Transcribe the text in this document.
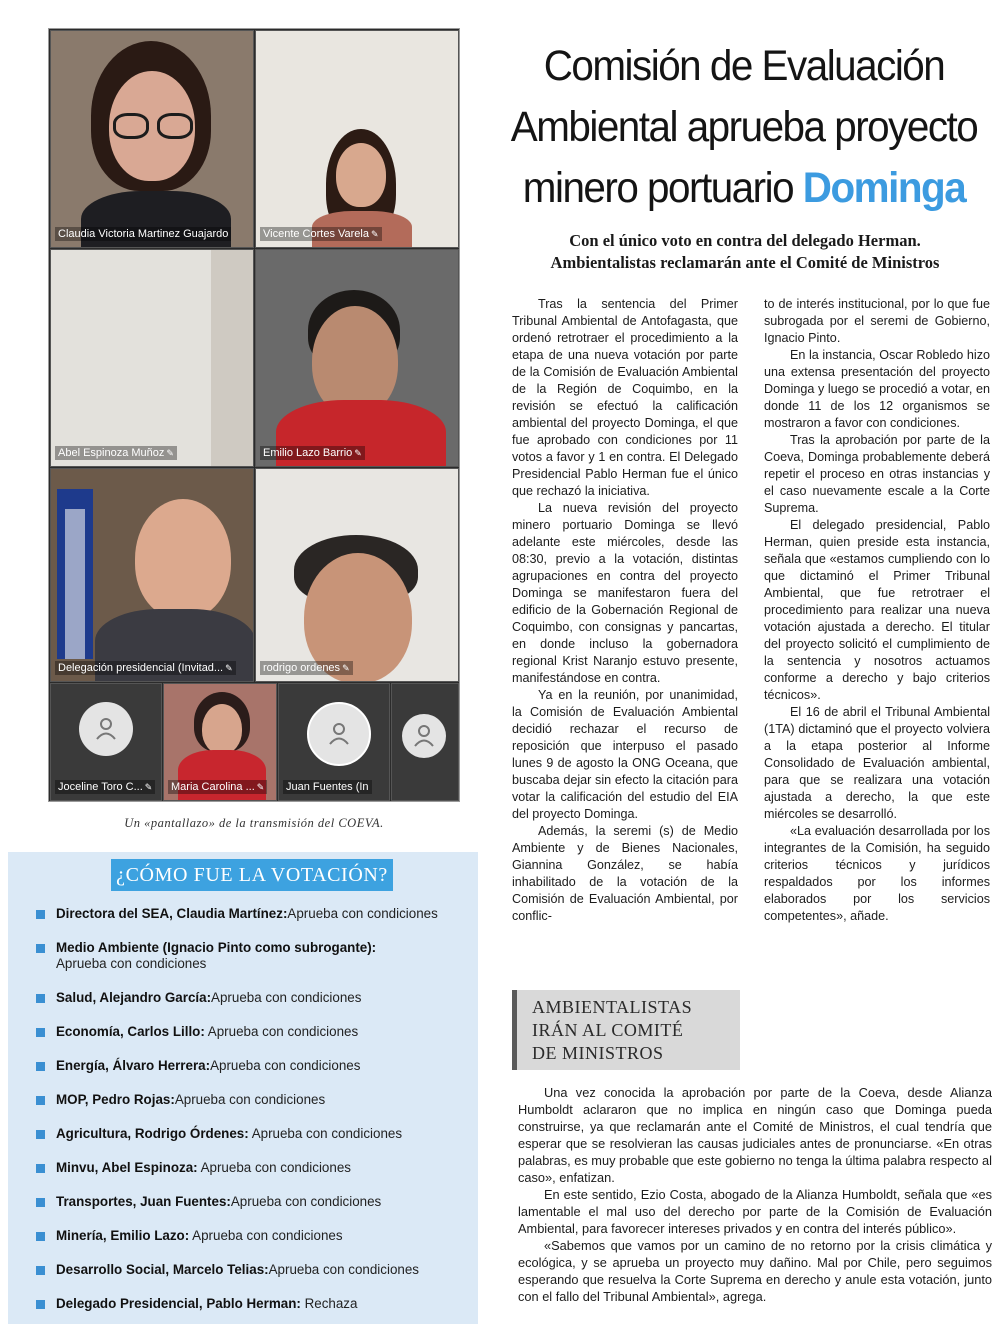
Claudia Victoria Martinez Guajardo	Vicente Cortes Varela ✎
Abel Espinoza Muñoz ✎	Emilio Lazo Barrio ✎
Delegación presidencial (Invitad... ✎	rodrigo ordenes ✎
Joceline Toro C... ✎ Maria Carolina ... ✎ Juan Fuentes (In
Un «pantallazo» de la transmisión del COEVA.
¿CÓMO FUE LA VOTACIÓN?
Directora del SEA, Claudia Martínez:Aprueba con condiciones
Medio Ambiente (Ignacio Pinto como subrogante):
Aprueba con condiciones
Salud, Alejandro García:Aprueba con condiciones
Economía, Carlos Lillo: Aprueba con condiciones
Energía, Álvaro Herrera:Aprueba con condiciones
MOP, Pedro Rojas:Aprueba con condiciones
Agricultura, Rodrigo Órdenes: Aprueba con condiciones
Minvu, Abel Espinoza: Aprueba con condiciones
Transportes, Juan Fuentes:Aprueba con condiciones
Minería, Emilio Lazo: Aprueba con condiciones
Desarrollo Social, Marcelo Telias:Aprueba con condiciones
Delegado Presidencial, Pablo Herman: Rechaza
Comisión de Evaluación
Ambiental aprueba proyecto
minero portuario Dominga
Con el único voto en contra del delegado Herman.
Ambientalistas reclamarán ante el Comité de Ministros

Tras la sentencia del Primer Tribunal Ambiental de Antofagasta, que ordenó retrotraer el procedimiento a la etapa de una nueva votación por parte de la Comisión de Evaluación Ambiental de la Región de Coquimbo, en la revisión se efectuó la calificación ambiental del proyecto Dominga, el que fue aprobado con condiciones por 11 votos a favor y 1 en contra. El Delegado Presidencial Pablo Herman fue el único que rechazó la iniciativa.

La nueva revisión del proyecto minero portuario Dominga se llevó adelante este miércoles, desde las 08:30, previo a la votación, distintas agrupaciones en contra del proyecto Dominga se manifestaron fuera del edificio de la Gobernación Regional de Coquimbo, con consignas y pancartas, en donde incluso la gobernadora regional Krist Naranjo estuvo presente, manifestándose en contra.

Ya en la reunión, por unanimidad, la Comisión de Evaluación Ambiental decidió rechazar el recurso de reposición que interpuso el pasado lunes 9 de agosto la ONG Oceana, que buscaba dejar sin efecto la citación para votar la calificación del estudio del EIA del proyecto Dominga.

Además, la seremi (s) de Medio Ambiente y de Bienes Nacionales, Giannina González, se había inhabilitado de la votación de la Comisión de Evaluación Ambiental, por conflic-

to de interés institucional, por lo que fue subrogada por el seremi de Gobierno, Ignacio Pinto.

En la instancia, Oscar Robledo hizo una extensa presentación del proyecto Dominga y luego se procedió a votar, en donde 11 de los 12 organismos se mostraron a favor con condiciones.

Tras la aprobación por parte de la Coeva, Dominga probablemente deberá repetir el proceso en otras instancias y el caso nuevamente escale a la Corte Suprema.

El delegado presidencial, Pablo Herman, quien preside esta instancia, señala que «estamos cumpliendo con lo que dictaminó el Primer Tribunal Ambiental, que fue retrotraer el procedimiento para realizar una nueva votación ajustada a derecho. El titular del proyecto solicitó el cumplimiento de la sentencia y nosotros actuamos conforme a derecho y bajo criterios técnicos».

El 16 de abril el Tribunal Ambiental (1TA) dictaminó que el proyecto volviera a la etapa posterior al Informe Consolidado de Evaluación ambiental, para que se realizara una votación ajustada a derecho, la que este miércoles se desarrolló.

«La evaluación desarrollada por los integrantes de la Comisión, ha seguido criterios técnicos y jurídicos respaldados por los informes elaborados por los servicios competentes», añade.

AMBIENTALISTAS
IRÁN AL COMITÉ
DE MINISTROS

Una vez conocida la aprobación por parte de la Coeva, desde Alianza Humboldt aclararon que no implica en ningún caso que Dominga pueda construirse, ya que reclamarán ante el Comité de Ministros, el cual tendría que esperar que se resolvieran las causas judiciales antes de pronunciarse. «En otras palabras, es muy probable que este gobierno no tenga la última palabra respecto al caso», enfatizan.

En este sentido, Ezio Costa, abogado de la Alianza Humboldt, señala que «es lamentable el mal uso del derecho por parte de la Comisión de Evaluación Ambiental, para favorecer intereses privados y en contra del interés público».

«Sabemos que vamos por un camino de no retorno por la crisis climática y ecológica, y se aprueba un proyecto muy dañino. Mal por Chile, pero seguimos esperando que resuelva la Corte Suprema en derecho y anule esta votación, junto con el fallo del Tribunal Ambiental», agrega.
